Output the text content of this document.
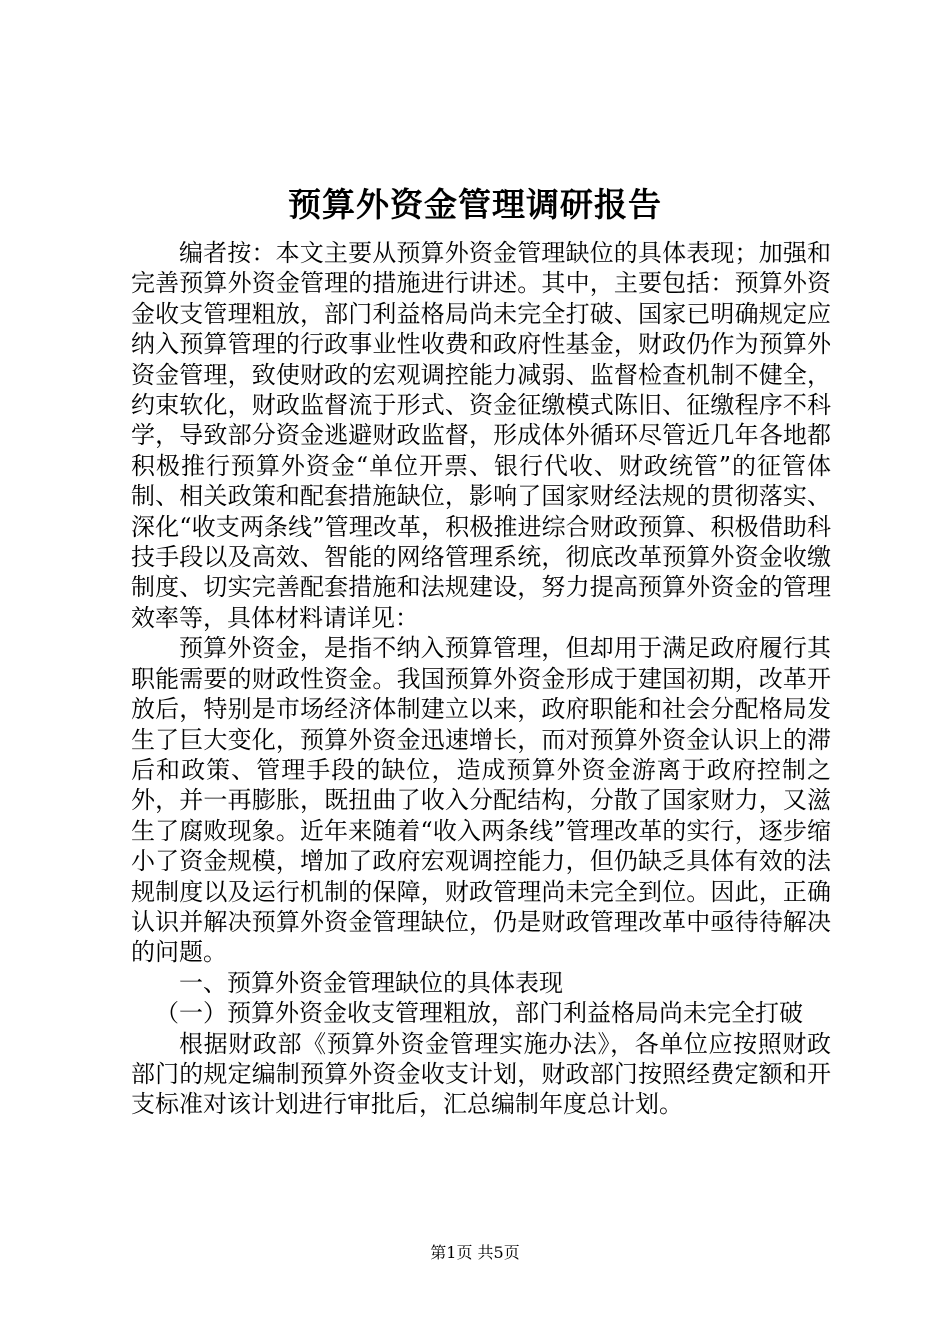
预算外资金管理调研报告

编者按：本文主要从预算外资金管理缺位的具体表现；加强和完善预算外资金管理的措施进行讲述。其中，主要包括：预算外资金收支管理粗放，部门利益格局尚未完全打破、国家已明确规定应纳入预算管理的行政事业性收费和政府性基金，财政仍作为预算外资金管理，致使财政的宏观调控能力减弱、监督检查机制不健全，约束软化，财政监督流于形式、资金征缴模式陈旧、征缴程序不科学，导致部分资金逃避财政监督，形成体外循环尽管近几年各地都积极推行预算外资金“单位开票、银行代收、财政统管”的征管体制、相关政策和配套措施缺位，影响了国家财经法规的贯彻落实、深化“收支两条线”管理改革，积极推进综合财政预算、积极借助科技手段以及高效、智能的网络管理系统，彻底改革预算外资金收缴制度、切实完善配套措施和法规建设，努力提高预算外资金的管理效率等，具体材料请详见：

预算外资金，是指不纳入预算管理，但却用于满足政府履行其职能需要的财政性资金。我国预算外资金形成于建国初期，改革开放后，特别是市场经济体制建立以来，政府职能和社会分配格局发生了巨大变化，预算外资金迅速增长，而对预算外资金认识上的滞后和政策、管理手段的缺位，造成预算外资金游离于政府控制之外，并一再膨胀，既扭曲了收入分配结构，分散了国家财力，又滋生了腐败现象。近年来随着“收入两条线”管理改革的实行，逐步缩小了资金规模，增加了政府宏观调控能力，但仍缺乏具体有效的法规制度以及运行机制的保障，财政管理尚未完全到位。因此，正确认识并解决预算外资金管理缺位，仍是财政管理改革中亟待待解决的问题。

一、预算外资金管理缺位的具体表现

（一）预算外资金收支管理粗放，部门利益格局尚未完全打破

根据财政部《预算外资金管理实施办法》，各单位应按照财政部门的规定编制预算外资金收支计划，财政部门按照经费定额和开支标准对该计划进行审批后，汇总编制年度总计划。

第1页 共5页
